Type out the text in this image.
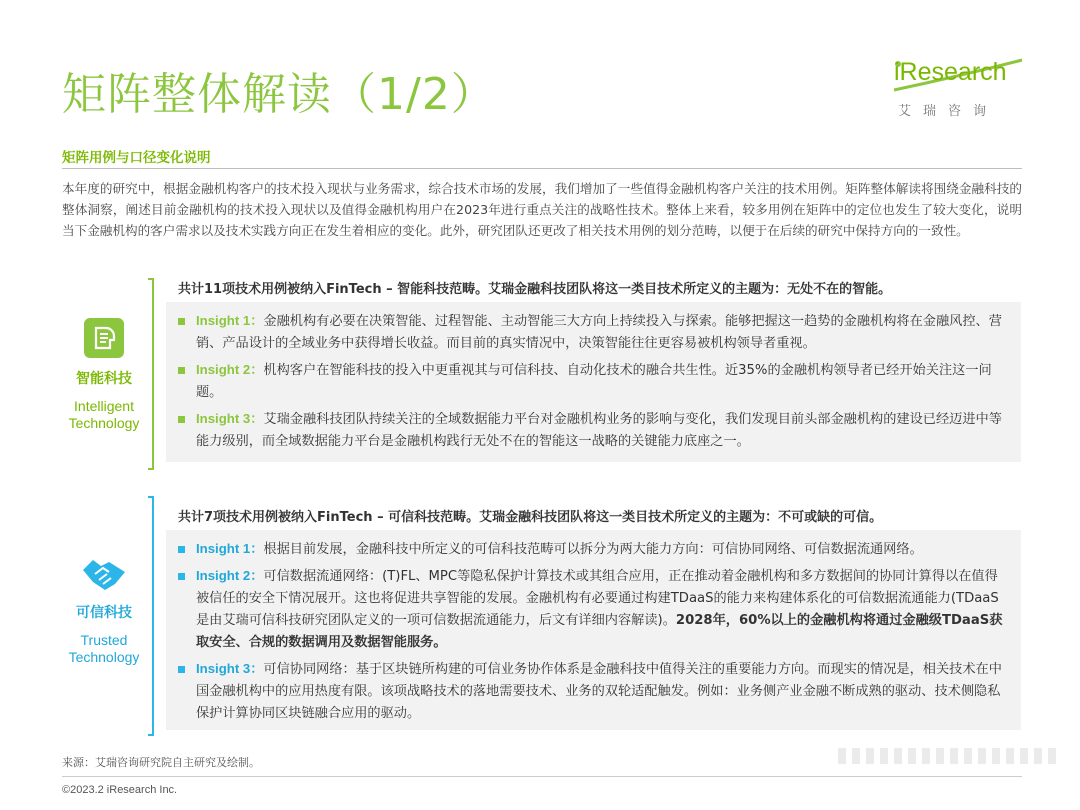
矩阵整体解读（1/2）	iResearch
艾瑞咨询
矩阵用例与口径变化说明
本年度的研究中，根据金融机构客户的技术投入现状与业务需求，综合技术市场的发展，我们增加了一些值得金融机构客户关注的技术用例。矩阵整体解读将围绕金融科技的整体洞察，阐述目前金融机构的技术投入现状以及值得金融机构用户在2023年进行重点关注的战略性技术。整体上来看，较多用例在矩阵中的定位也发生了较大变化，说明当下金融机构的客户需求以及技术实践方向正在发生着相应的变化。此外，研究团队还更改了相关技术用例的划分范畴，以便于在后续的研究中保持方向的一致性。
智能科技
Intelligent
Technology
共计11项技术用例被纳入FinTech – 智能科技范畴。艾瑞金融科技团队将这一类目技术所定义的主题为：无处不在的智能。
Insight 1：金融机构有必要在决策智能、过程智能、主动智能三大方向上持续投入与探索。能够把握这一趋势的金融机构将在金融风控、营销、产品设计的全域业务中获得增长收益。而目前的真实情况中，决策智能往往更容易被机构领导者重视。
Insight 2：机构客户在智能科技的投入中更重视其与可信科技、自动化技术的融合共生性。近35%的金融机构领导者已经开始关注这一问题。
Insight 3：艾瑞金融科技团队持续关注的全域数据能力平台对金融机构业务的影响与变化，我们发现目前头部金融机构的建设已经迈进中等能力级别，而全域数据能力平台是金融机构践行无处不在的智能这一战略的关键能力底座之一。
可信科技
Trusted
Technology
共计7项技术用例被纳入FinTech – 可信科技范畴。艾瑞金融科技团队将这一类目技术所定义的主题为：不可或缺的可信。
Insight 1：根据目前发展，金融科技中所定义的可信科技范畴可以拆分为两大能力方向：可信协同网络、可信数据流通网络。
Insight 2：可信数据流通网络：(T)FL、MPC等隐私保护计算技术或其组合应用，正在推动着金融机构和多方数据间的协同计算得以在值得被信任的安全下情况展开。这也将促进共享智能的发展。金融机构有必要通过构建TDaaS的能力来构建体系化的可信数据流通能力(TDaaS是由艾瑞可信科技研究团队定义的一项可信数据流通能力，后文有详细内容解读)。2028年，60%以上的金融机构将通过金融级TDaaS获取安全、合规的数据调用及数据智能服务。
Insight 3：可信协同网络：基于区块链所构建的可信业务协作体系是金融科技中值得关注的重要能力方向。而现实的情况是，相关技术在中国金融机构中的应用热度有限。该项战略技术的落地需要技术、业务的双轮适配触发。例如：业务侧产业金融不断成熟的驱动、技术侧隐私保护计算协同区块链融合应用的驱动。
来源：艾瑞咨询研究院自主研究及绘制。
©2023.2 iResearch Inc.
